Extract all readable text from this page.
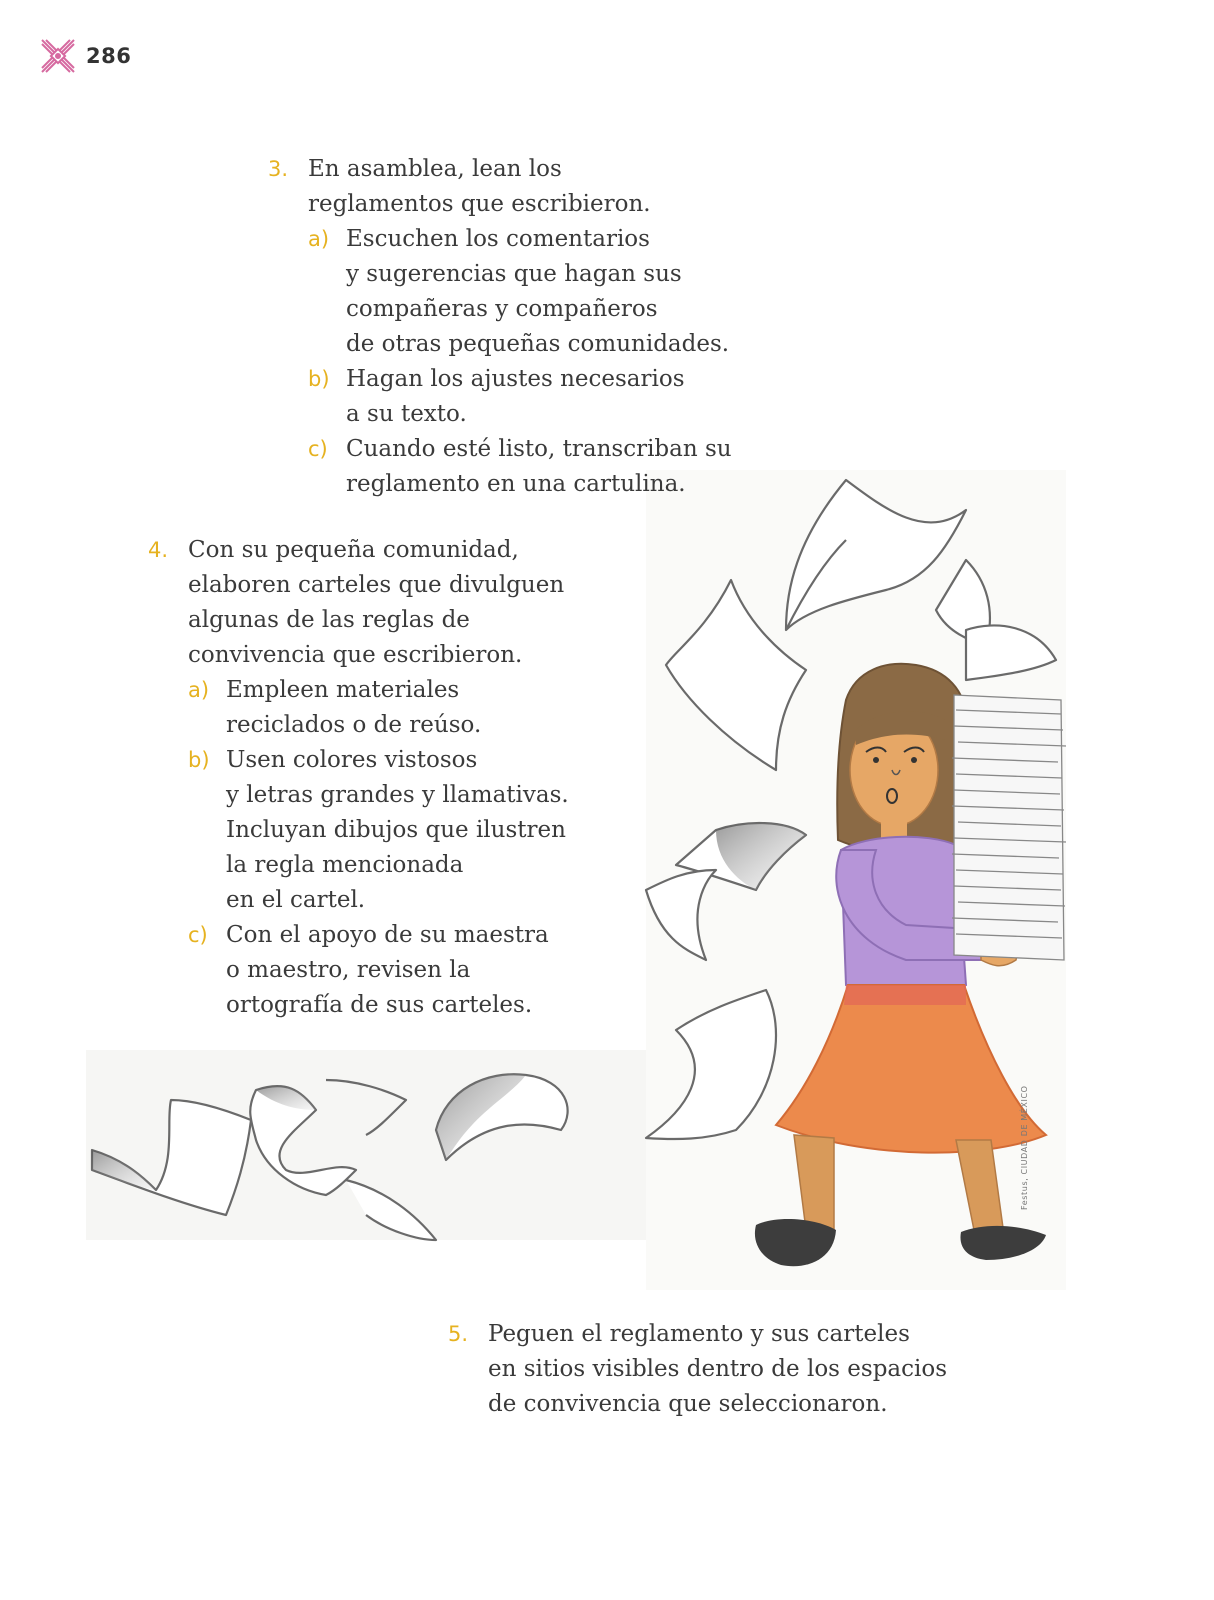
286
Festus, CIUDAD DE MÉXICO
3. En asamblea, lean los
reglamentos que escribieron.
a) Escuchen los comentarios
y sugerencias que hagan sus
compañeras y compañeros
de otras pequeñas comunidades.
b) Hagan los ajustes necesarios
a su texto.
c) Cuando esté listo, transcriban su
reglamento en una cartulina.
4. Con su pequeña comunidad,
elaboren carteles que divulguen
algunas de las reglas de
convivencia que escribieron.
a) Empleen materiales
reciclados o de reúso.
b) Usen colores vistosos
y letras grandes y llamativas.
Incluyan dibujos que ilustren
la regla mencionada
en el cartel.
c) Con el apoyo de su maestra
o maestro, revisen la
ortografía de sus carteles.
5. Peguen el reglamento y sus carteles
en sitios visibles dentro de los espacios
de convivencia que seleccionaron.
